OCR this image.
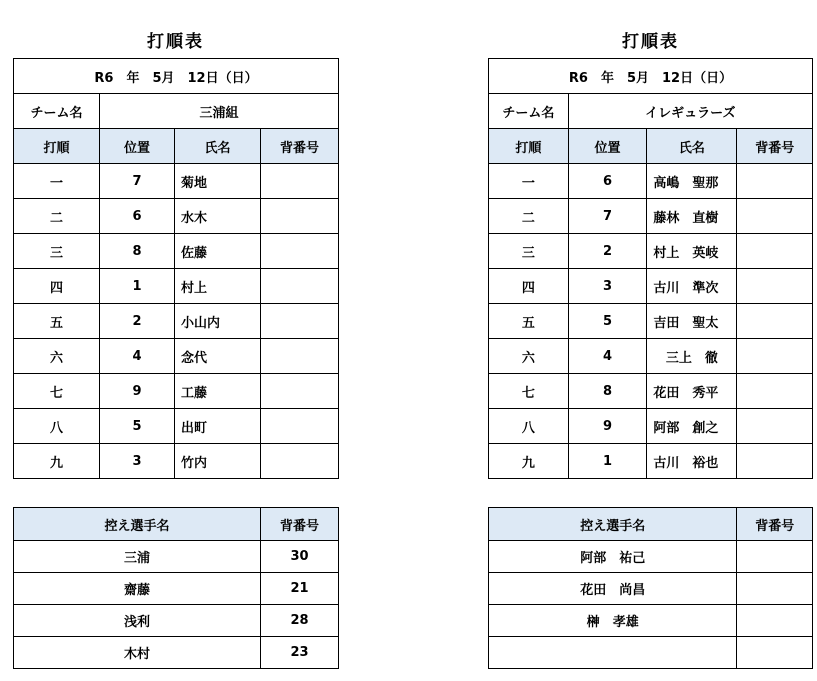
打順表
R6　年　5月　12日（日）			
チーム名	三浦組		
打順	位置	氏名	背番号
一	7	菊地	
二	6	水木	
三	8	佐藤	
四	1	村上	
五	2	小山内	
六	4	念代	
七	9	工藤	
八	5	出町	
九	3	竹内	
控え選手名	背番号
三浦	30
齋藤	21
浅利	28
木村	23
打順表
R6　年　5月　12日（日）			
チーム名	イレギュラーズ		
打順	位置	氏名	背番号
一	6	高嶋　聖那	
二	7	藤林　直樹	
三	2	村上　英岐	
四	3	古川　準次	
五	5	吉田　聖太	
六	4	三上　徹	
七	8	花田　秀平	
八	9	阿部　創之	
九	1	古川　裕也	
控え選手名	背番号
阿部　祐己	
花田　尚昌	
榊　孝雄	
